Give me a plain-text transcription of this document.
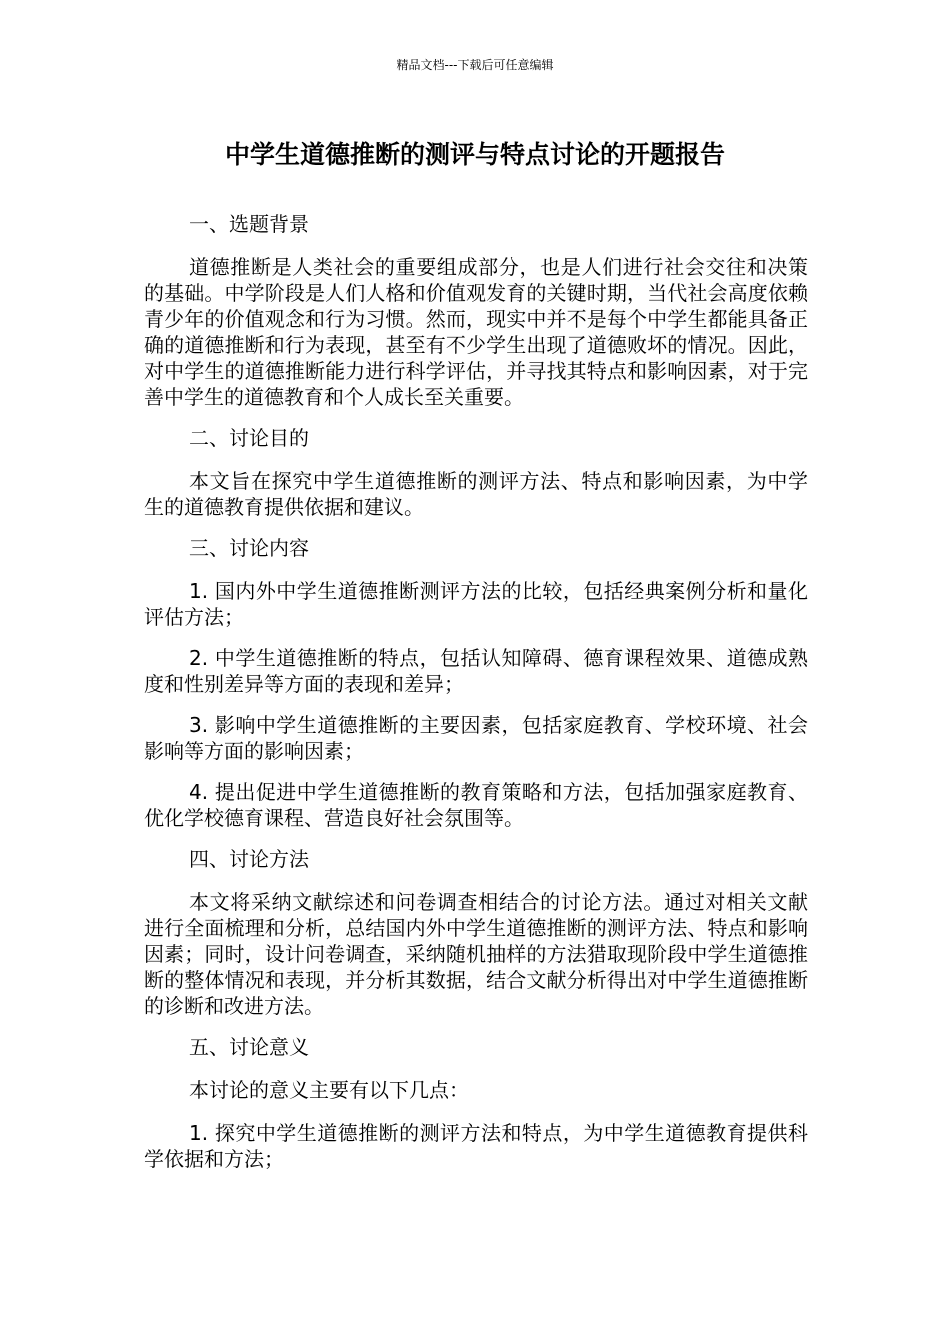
精品文档---下载后可任意编辑
中学生道德推断的测评与特点讨论的开题报告

一、选题背景

道德推断是人类社会的重要组成部分，也是人们进行社会交往和决策的基础。中学阶段是人们人格和价值观发育的关键时期，当代社会高度依赖青少年的价值观念和行为习惯。然而，现实中并不是每个中学生都能具备正确的道德推断和行为表现，甚至有不少学生出现了道德败坏的情况。因此，对中学生的道德推断能力进行科学评估，并寻找其特点和影响因素，对于完善中学生的道德教育和个人成长至关重要。

二、讨论目的

本文旨在探究中学生道德推断的测评方法、特点和影响因素，为中学生的道德教育提供依据和建议。

三、讨论内容

1. 国内外中学生道德推断测评方法的比较，包括经典案例分析和量化评估方法；

2. 中学生道德推断的特点，包括认知障碍、德育课程效果、道德成熟度和性别差异等方面的表现和差异；

3. 影响中学生道德推断的主要因素，包括家庭教育、学校环境、社会影响等方面的影响因素；

4. 提出促进中学生道德推断的教育策略和方法，包括加强家庭教育、优化学校德育课程、营造良好社会氛围等。

四、讨论方法

本文将采纳文献综述和问卷调查相结合的讨论方法。通过对相关文献进行全面梳理和分析，总结国内外中学生道德推断的测评方法、特点和影响因素；同时，设计问卷调查，采纳随机抽样的方法猎取现阶段中学生道德推断的整体情况和表现，并分析其数据，结合文献分析得出对中学生道德推断的诊断和改进方法。

五、讨论意义

本讨论的意义主要有以下几点：

1. 探究中学生道德推断的测评方法和特点，为中学生道德教育提供科学依据和方法；
